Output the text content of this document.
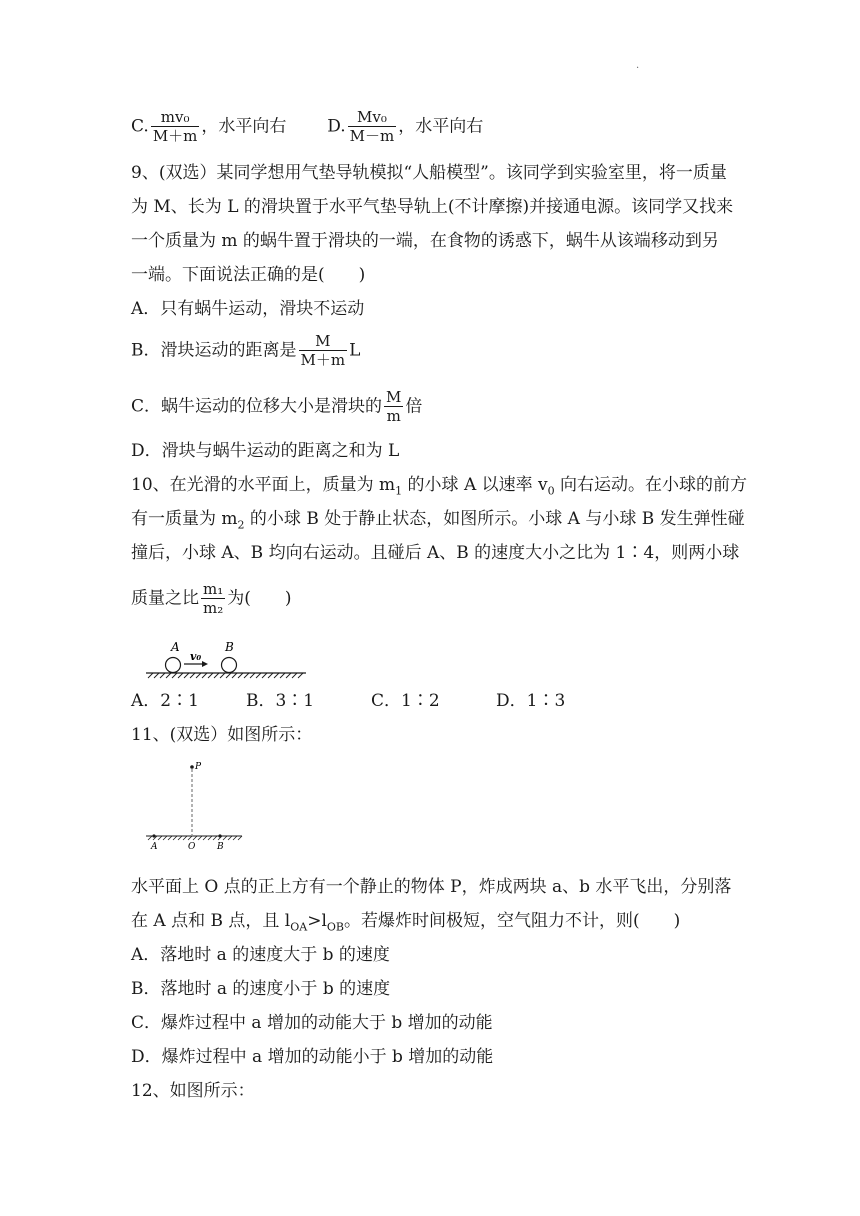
.
C. $\frac{\text{mv₀}}{M+m}$ ，水平向右 D. $\frac{\text{Mv₀}}{M-m}$ ，水平向右
9、(双选）某同学想用气垫导轨模拟“人船模型”。该同学到实验室里，将一质量
为 M、长为 L 的滑块置于水平气垫导轨上(不计摩擦)并接通电源。该同学又找来
一个质量为 m 的蜗牛置于滑块的一端，在食物的诱惑下，蜗牛从该端移动到另
一端。下面说法正确的是(　　)
A．只有蜗牛运动，滑块不运动
B．滑块运动的距离是 $\frac{M}{M+m}$ L
C．蜗牛运动的位移大小是滑块的 $\frac{M}{m}$ 倍
D．滑块与蜗牛运动的距离之和为 L
10、在光滑的水平面上，质量为 $m_1$ 的小球 A 以速率 $v_0$ 向右运动。在小球的前方
有一质量为 $m_2$ 的小球 B 处于静止状态，如图所示。小球 A 与小球 B 发生弹性碰
撞后，小球 A、B 均向右运动。且碰后 A、B 的速度大小之比为 1∶4，则两小球
质量之比 $\frac{\text{m₁}}{\text{m₂}}$ 为(　　)
A	B
v₀
A．2∶1	B．3∶1	C．1∶2	D．1∶3
11、(双选）如图所示：
P
A	O B
水平面上 O 点的正上方有一个静止的物体 P，炸成两块 a、b 水平飞出，分别落
在 A 点和 B 点，且 $l_{OA}>l_{OB}$。若爆炸时间极短，空气阻力不计，则(　　)
A．落地时 a 的速度大于 b 的速度
B．落地时 a 的速度小于 b 的速度
C．爆炸过程中 a 增加的动能大于 b 增加的动能
D．爆炸过程中 a 增加的动能小于 b 增加的动能
12、如图所示：
